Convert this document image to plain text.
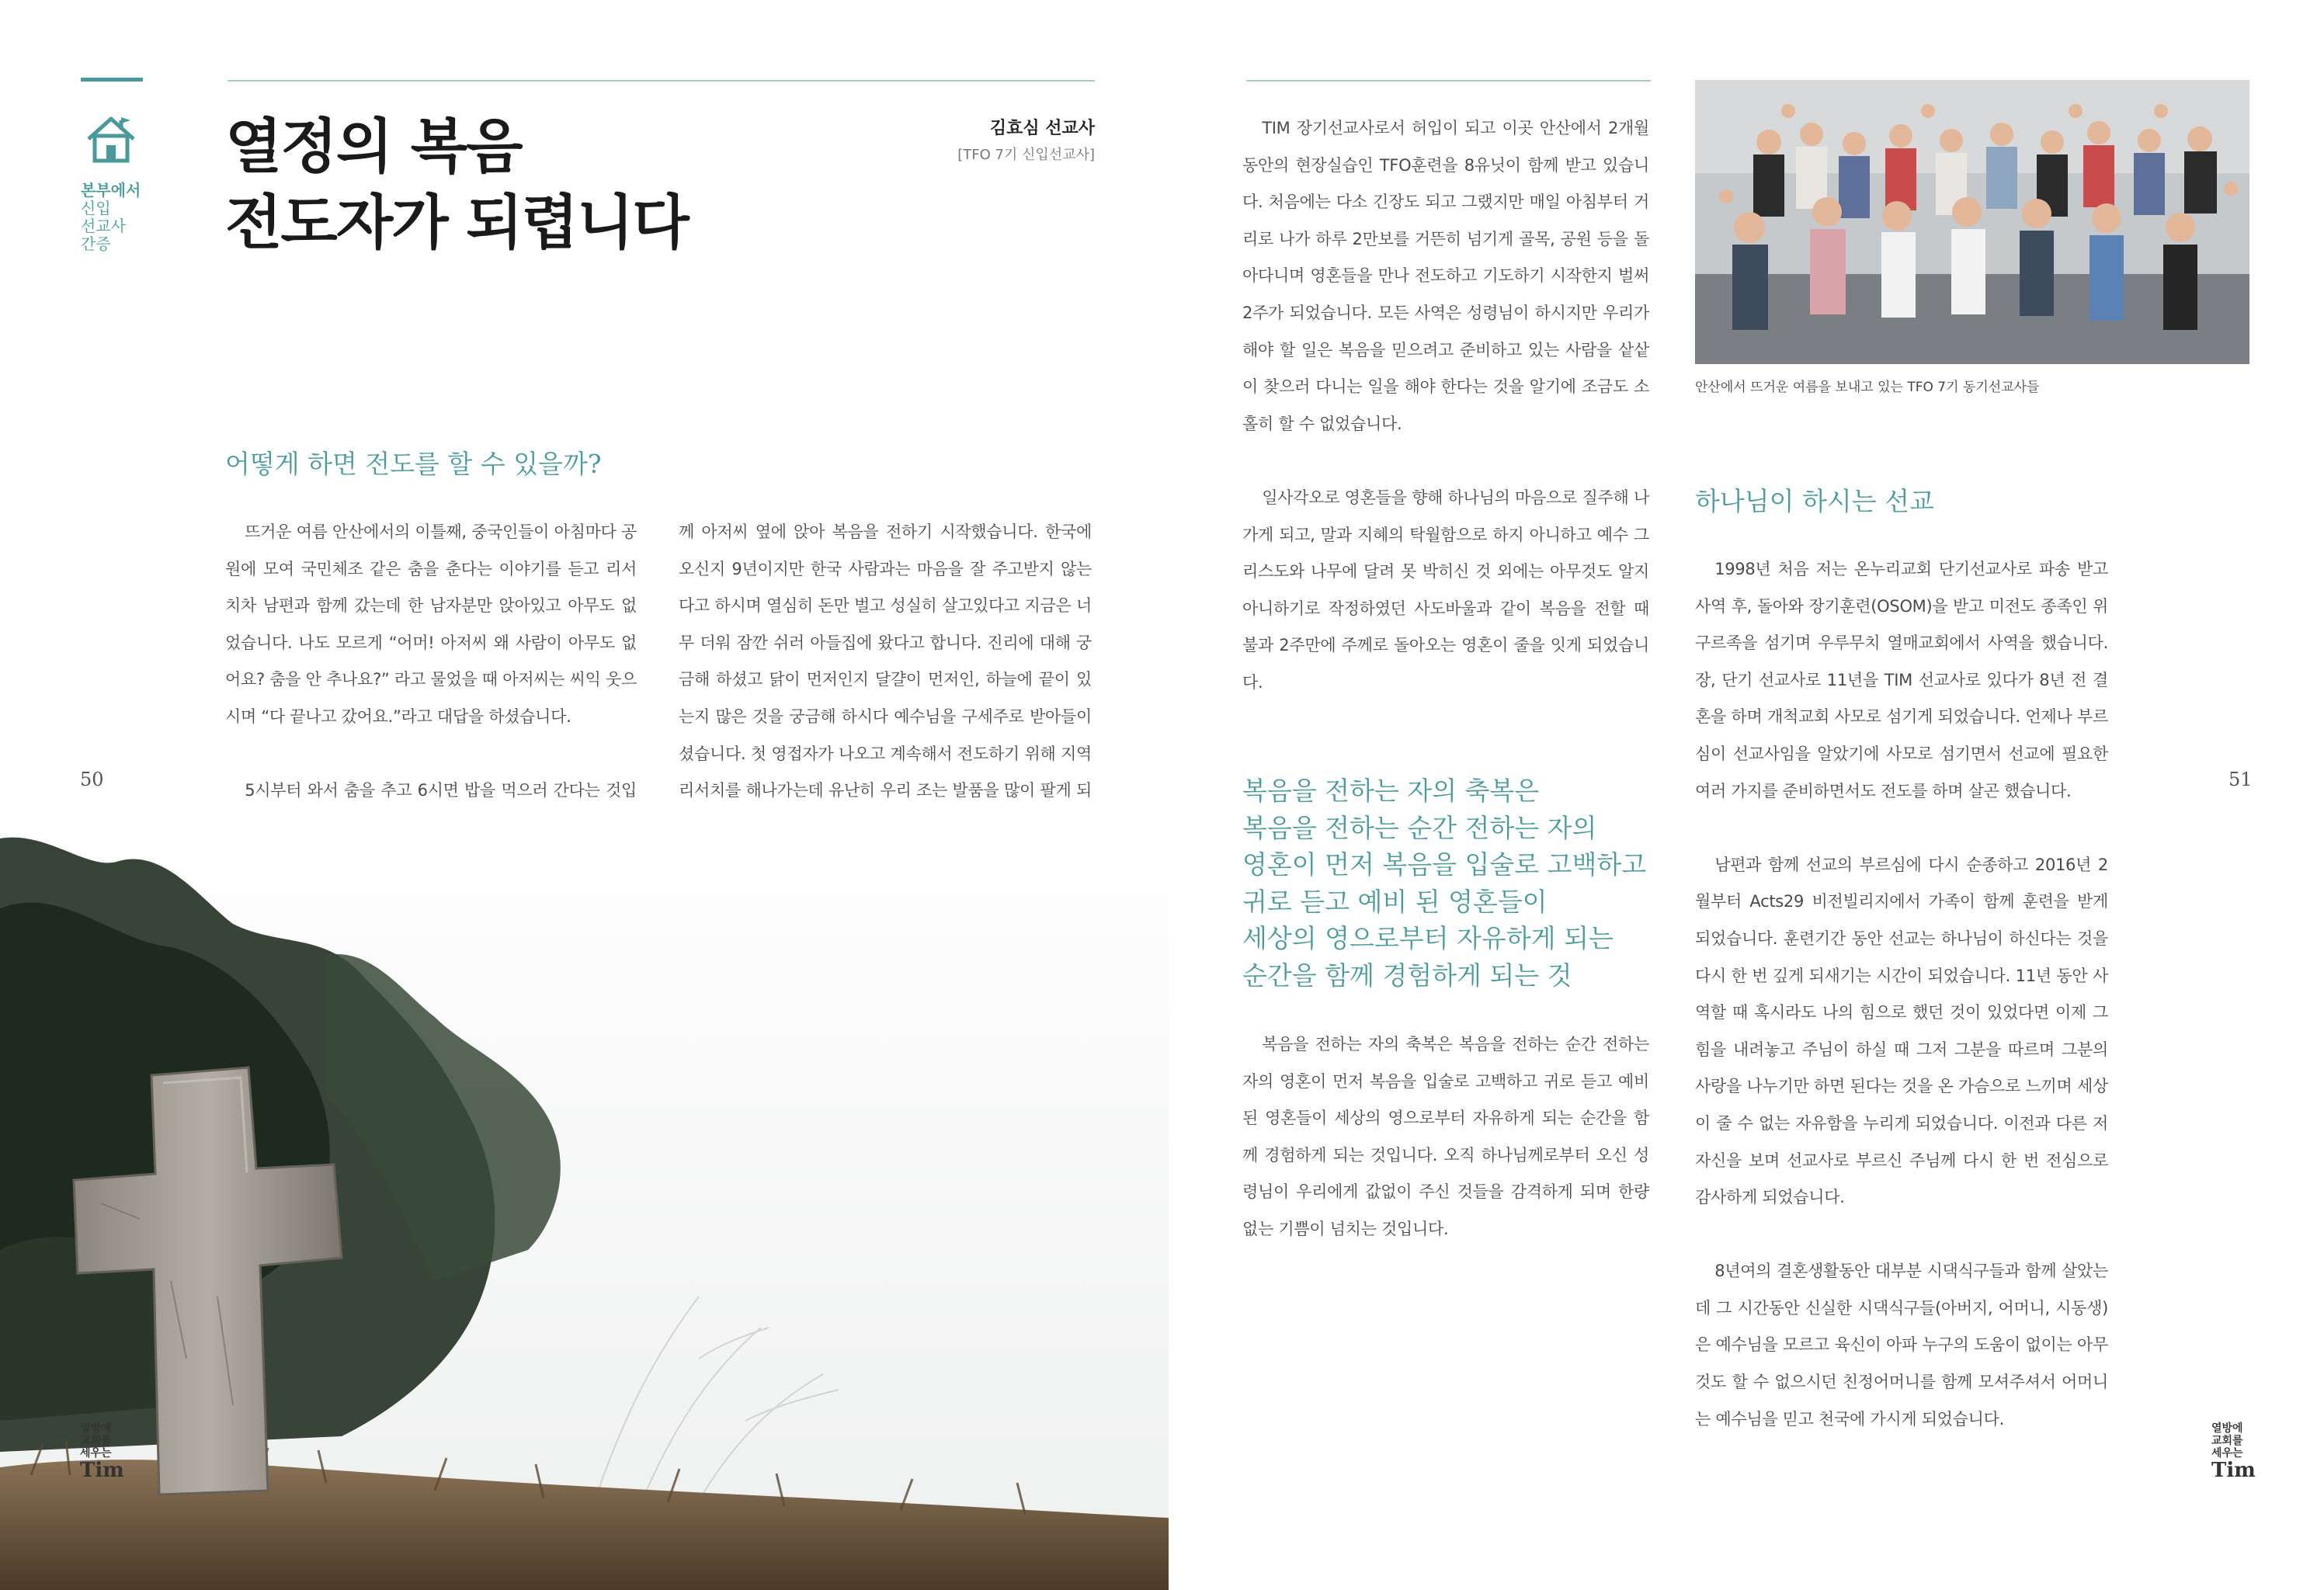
본부에서
신입
선교사
간증
열정의 복음
전도자가 되렵니다
김효심 선교사
[TFO 7기 신입선교사]
어떻게 하면 전도를 할 수 있을까?

뜨거운 여름 안산에서의 이틀째, 중국인들이 아침마다 공원에 모여 국민체조 같은 춤을 춘다는 이야기를 듣고 리서치차 남편과 함께 갔는데 한 남자분만 앉아있고 아무도 없었습니다. 나도 모르게 “어머! 아저씨 왜 사람이 아무도 없어요? 춤을 안 추나요?” 라고 물었을 때 아저씨는 씨익 웃으시며 “다 끝나고 갔어요.”라고 대답을 하셨습니다.

5시부터 와서 춤을 추고 6시면 밥을 먹으러 간다는 것입

께 아저씨 옆에 앉아 복음을 전하기 시작했습니다. 한국에 오신지 9년이지만 한국 사람과는 마음을 잘 주고받지 않는다고 하시며 열심히 돈만 벌고 성실히 살고있다고 지금은 너무 더워 잠깐 쉬러 아들집에 왔다고 합니다. 진리에 대해 궁금해 하셨고 닭이 먼저인지 달걀이 먼저인, 하늘에 끝이 있는지 많은 것을 궁금해 하시다 예수님을 구세주로 받아들이셨습니다. 첫 영접자가 나오고 계속해서 전도하기 위해 지역 리서치를 해나가는데 유난히 우리 조는 발품을 많이 팔게 되

50
열방에
교회를
세우는
Tim

TIM 장기선교사로서 허입이 되고 이곳 안산에서 2개월 동안의 현장실습인 TFO훈련을 8유닛이 함께 받고 있습니다. 처음에는 다소 긴장도 되고 그랬지만 매일 아침부터 거리로 나가 하루 2만보를 거뜬히 넘기게 골목, 공원 등을 돌아다니며 영혼들을 만나 전도하고 기도하기 시작한지 벌써 2주가 되었습니다. 모든 사역은 성령님이 하시지만 우리가 해야 할 일은 복음을 믿으려고 준비하고 있는 사람을 샅샅이 찾으러 다니는 일을 해야 한다는 것을 알기에 조금도 소홀히 할 수 없었습니다.

일사각오로 영혼들을 향해 하나님의 마음으로 질주해 나가게 되고, 말과 지혜의 탁월함으로 하지 아니하고 예수 그리스도와 나무에 달려 못 박히신 것 외에는 아무것도 알지 아니하기로 작정하였던 사도바울과 같이 복음을 전할 때 불과 2주만에 주께로 돌아오는 영혼이 줄을 잇게 되었습니다.

복음을 전하는 자의 축복은
복음을 전하는 순간 전하는 자의
영혼이 먼저 복음을 입술로 고백하고
귀로 듣고 예비 된 영혼들이
세상의 영으로부터 자유하게 되는
순간을 함께 경험하게 되는 것

복음을 전하는 자의 축복은 복음을 전하는 순간 전하는 자의 영혼이 먼저 복음을 입술로 고백하고 귀로 듣고 예비된 영혼들이 세상의 영으로부터 자유하게 되는 순간을 함께 경험하게 되는 것입니다. 오직 하나님께로부터 오신 성령님이 우리에게 값없이 주신 것들을 감격하게 되며 한량없는 기쁨이 넘치는 것입니다.

안산에서 뜨거운 여름을 보내고 있는 TFO 7기 동기선교사들
하나님이 하시는 선교

1998년 처음 저는 온누리교회 단기선교사로 파송 받고 사역 후, 돌아와 장기훈련(OSOM)을 받고 미전도 종족인 위구르족을 섬기며 우루무치 열매교회에서 사역을 했습니다. 장, 단기 선교사로 11년을 TIM 선교사로 있다가 8년 전 결혼을 하며 개척교회 사모로 섬기게 되었습니다. 언제나 부르심이 선교사임을 알았기에 사모로 섬기면서 선교에 필요한 여러 가지를 준비하면서도 전도를 하며 살곤 했습니다.

남편과 함께 선교의 부르심에 다시 순종하고 2016년 2월부터 Acts29 비전빌리지에서 가족이 함께 훈련을 받게 되었습니다. 훈련기간 동안 선교는 하나님이 하신다는 것을 다시 한 번 깊게 되새기는 시간이 되었습니다. 11년 동안 사역할 때 혹시라도 나의 힘으로 했던 것이 있었다면 이제 그 힘을 내려놓고 주님이 하실 때 그저 그분을 따르며 그분의 사랑을 나누기만 하면 된다는 것을 온 가슴으로 느끼며 세상이 줄 수 없는 자유함을 누리게 되었습니다. 이전과 다른 저 자신을 보며 선교사로 부르신 주님께 다시 한 번 전심으로 감사하게 되었습니다.

8년여의 결혼생활동안 대부분 시댁식구들과 함께 살았는데 그 시간동안 신실한 시댁식구들(아버지, 어머니, 시동생)은 예수님을 모르고 육신이 아파 누구의 도움이 없이는 아무것도 할 수 없으시던 친정어머니를 함께 모셔주셔서 어머니는 예수님을 믿고 천국에 가시게 되었습니다.

51
열방에
교회를
세우는
Tim
